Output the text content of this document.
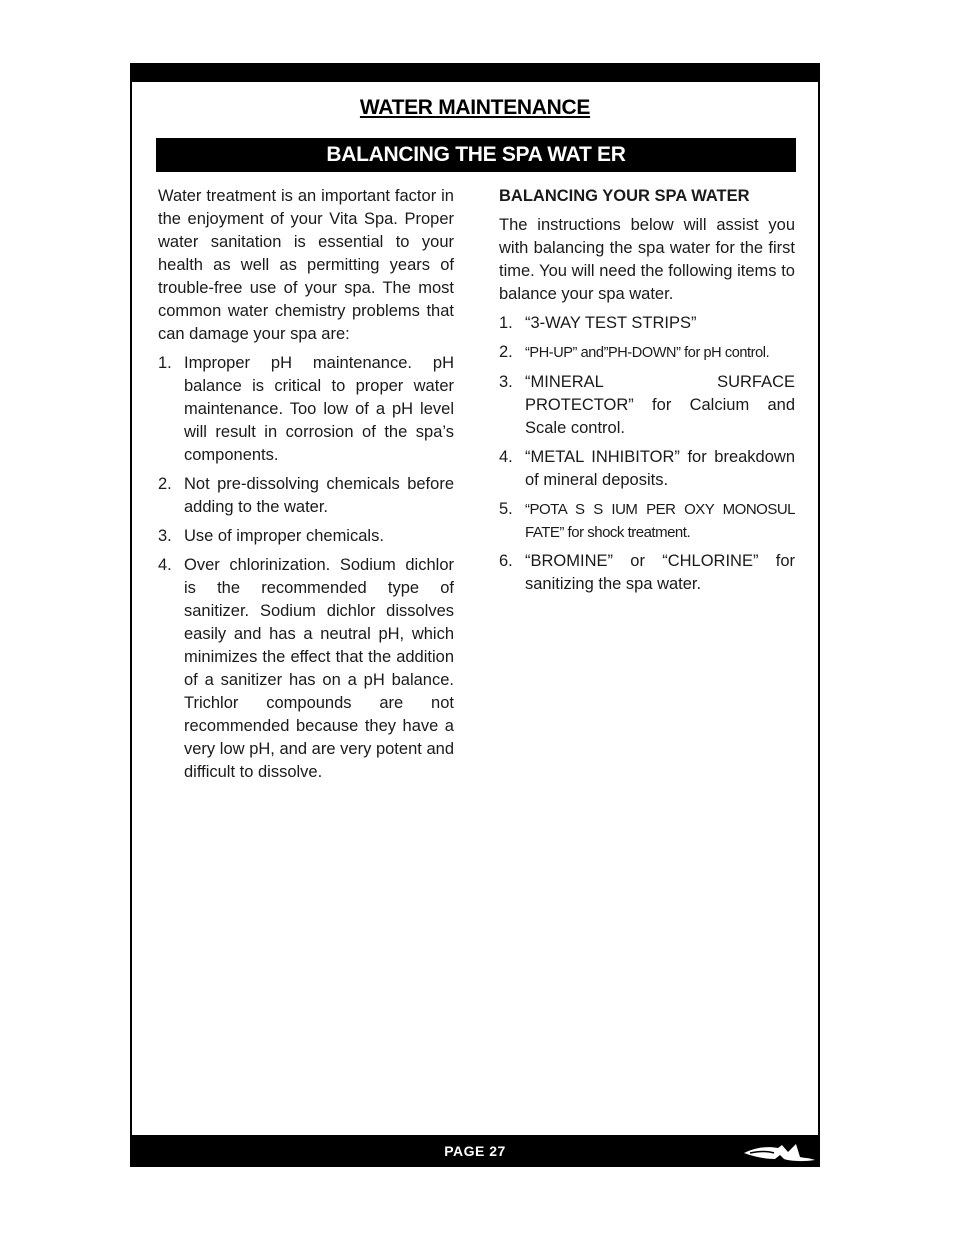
WATER MAINTENANCE
BALANCING THE SPA WAT ER

Water treatment is an important factor in the enjoyment of your Vita Spa. Proper water sanitation is essential to your health as well as permitting years of trouble-free use of your spa. The most common water chemistry problems that can damage your spa are:

1. Improper pH maintenance. pH balance is critical to proper water maintenance. Too low of a pH level will result in corrosion of the spa’s components.
2. Not pre-dissolving chemicals before adding to the water.
3. Use of improper chemicals.
4. Over chlorinization. Sodium dichlor is the recommended type of sanitizer. Sodium dichlor dissolves easily and has a neutral pH, which minimizes the effect that the addition of a sanitizer has on a pH balance. Trichlor compounds are not recommended because they have a very low pH, and are very potent and difficult to dissolve.

BALANCING YOUR SPA WATER

The instructions below will assist you with balancing the spa water for the first time. You will need the following items to balance your spa water.

1. “3-WAY TEST STRIPS”
2. “PH-UP” and”PH-DOWN” for pH control.
3. “MINERAL SURFACE PROTECTOR” for Calcium and Scale control.
4. “METAL INHIBITOR” for breakdown of mineral deposits.
5. “POTA S S IUM PER OXY MONOSUL FATE” for shock treatment.
6. “BROMINE” or “CHLORINE” for sanitizing the spa water.
PAGE 27
